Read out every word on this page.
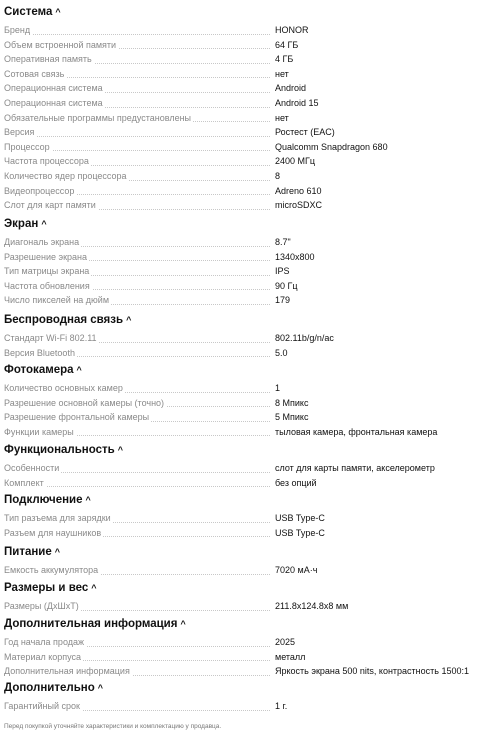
Система ^
Бренд	HONOR
Объем встроенной памяти	64 ГБ
Оперативная память	4 ГБ
Сотовая связь	нет
Операционная система	Android
Операционная система	Android 15
Обязательные программы предустановлены	нет
Версия	Ростест (EAC)
Процессор	Qualcomm Snapdragon 680
Частота процессора	2400 МГц
Количество ядер процессора	8
Видеопроцессор	Adreno 610
Слот для карт памяти	microSDXC
Экран ^
Диагональ экрана	8.7"
Разрешение экрана	1340x800
Тип матрицы экрана	IPS
Частота обновления	90 Гц
Число пикселей на дюйм	179
Беспроводная связь ^
Стандарт Wi-Fi 802.11	802.11b/g/n/ac
Версия Bluetooth	5.0
Фотокамера ^
Количество основных камер	1
Разрешение основной камеры (точно)	8 Мпикс
Разрешение фронтальной камеры	5 Мпикс
Функции камеры	тыловая камера, фронтальная камера
Функциональность ^
Особенности	слот для карты памяти, акселерометр
Комплект	без опций
Подключение ^
Тип разъема для зарядки	USB Type-C
Разъем для наушников	USB Type-C
Питание ^
Емкость аккумулятора	7020 мА·ч
Размеры и вес ^
Размеры (ДхШхТ)	211.8x124.8x8 мм
Дополнительная информация ^
Год начала продаж	2025
Материал корпуса	металл
Дополнительная информация	Яркость экрана 500 nits, контрастность 1500:1
Дополнительно ^
Гарантийный срок	1 г.
Перед покупкой уточняйте характеристики и комплектацию у продавца.
